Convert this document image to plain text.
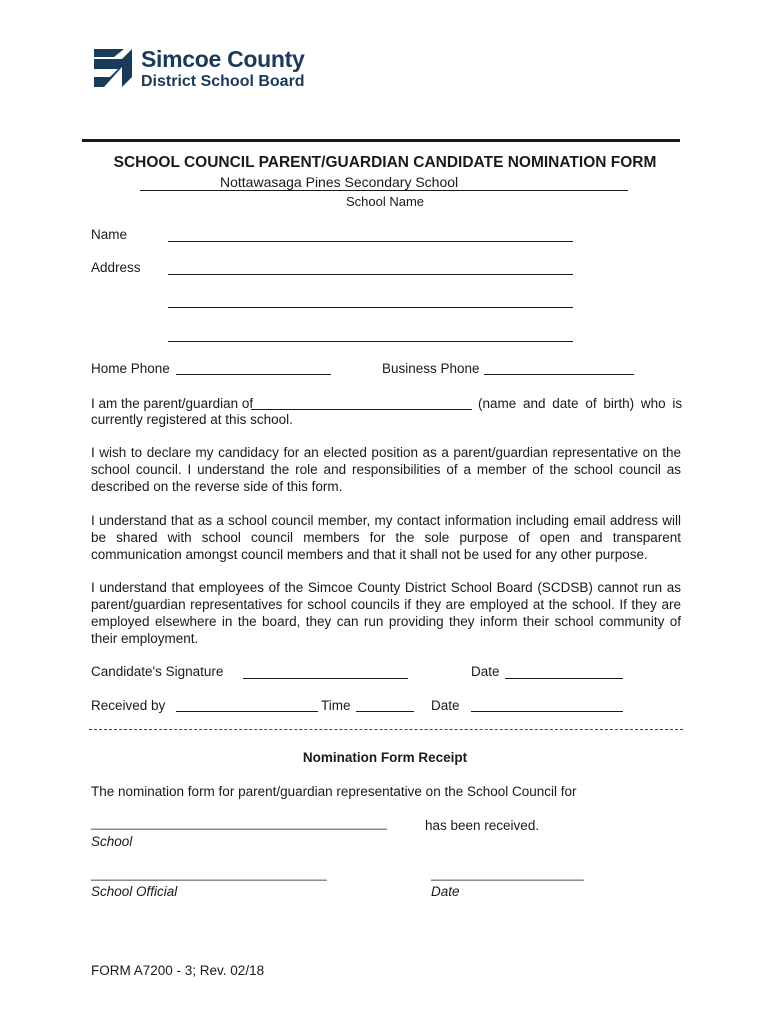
Simcoe County
District School Board
SCHOOL COUNCIL PARENT/GUARDIAN CANDIDATE NOMINATION FORM
Nottawasaga Pines Secondary School
School Name
Name
Address
Home Phone	Business Phone
I am the parent/guardian of	(name and date of birth) who is
currently registered at this school.
I wish to declare my candidacy for an elected position as a parent/guardian representative on the school council. I understand the role and responsibilities of a member of the school council as described on the reverse side of this form.
I understand that as a school council member, my contact information including email address will be shared with school council members for the sole purpose of open and transparent communication amongst council members and that it shall not be used for any other purpose.
I understand that employees of the Simcoe County District School Board (SCDSB) cannot run as parent/guardian representatives for school councils if they are employed at the school. If they are employed elsewhere in the board, they can run providing they inform their school community of their employment.
Candidate's Signature	Date
Received by	Time	Date
Nomination Form Receipt
The nomination form for parent/guardian representative on the School Council for
_______________________________________________	has been received.
School
______________________________________	_________________________
School Official	Date
FORM A7200 - 3; Rev. 02/18
